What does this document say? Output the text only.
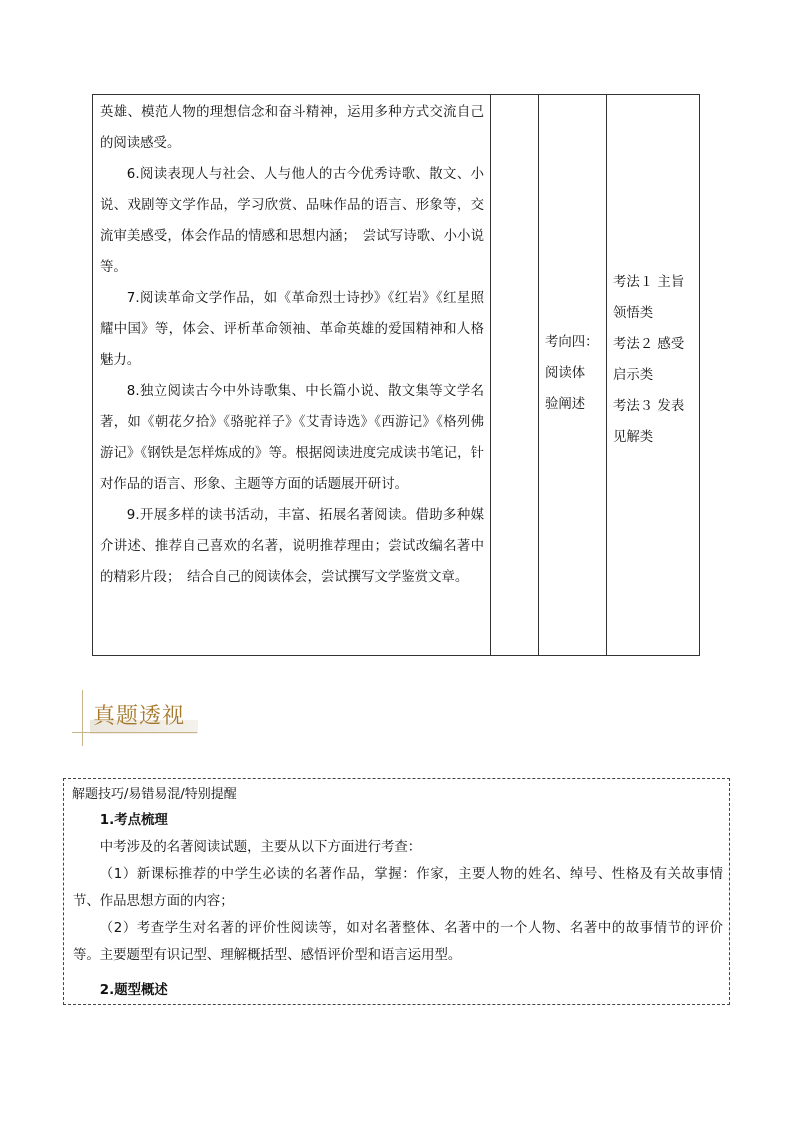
英雄、模范人物的理想信念和奋斗精神，运用多种方式交流自己的阅读感受。

6.阅读表现人与社会、人与他人的古今优秀诗歌、散文、小说、戏剧等文学作品，学习欣赏、品味作品的语言、形象等，交流审美感受，体会作品的情感和思想内涵；　尝试写诗歌、小小说等。

7.阅读革命文学作品，如《革命烈士诗抄》《红岩》《红星照耀中国》等，体会、评析革命领袖、革命英雄的爱国精神和人格魅力。

8.独立阅读古今中外诗歌集、中长篇小说、散文集等文学名著，如《朝花夕拾》《骆驼祥子》《艾青诗选》《西游记》《格列佛游记》《钢铁是怎样炼成的》等。根据阅读进度完成读书笔记，针对作品的语言、形象、主题等方面的话题展开研讨。

9.开展多样的读书活动，丰富、拓展名著阅读。借助多种媒介讲述、推荐自己喜欢的名著，说明推荐理由；尝试改编名著中的精彩片段；　结合自己的阅读体会，尝试撰写文学鉴赏文章。

考向四：
阅读体
验阐述
考法１ 主旨
领悟类
考法２ 感受
启示类
考法３ 发表
见解类
真题透视
解题技巧/易错易混/特别提醒

1.考点梳理

中考涉及的名著阅读试题，主要从以下方面进行考查：

（1）新课标推荐的中学生必读的名著作品，掌握：作家，主要人物的姓名、绰号、性格及有关故事情节、作品思想方面的内容；

（2）考查学生对名著的评价性阅读等，如对名著整体、名著中的一个人物、名著中的故事情节的评价等。主要题型有识记型、理解概括型、感悟评价型和语言运用型。

2.题型概述
